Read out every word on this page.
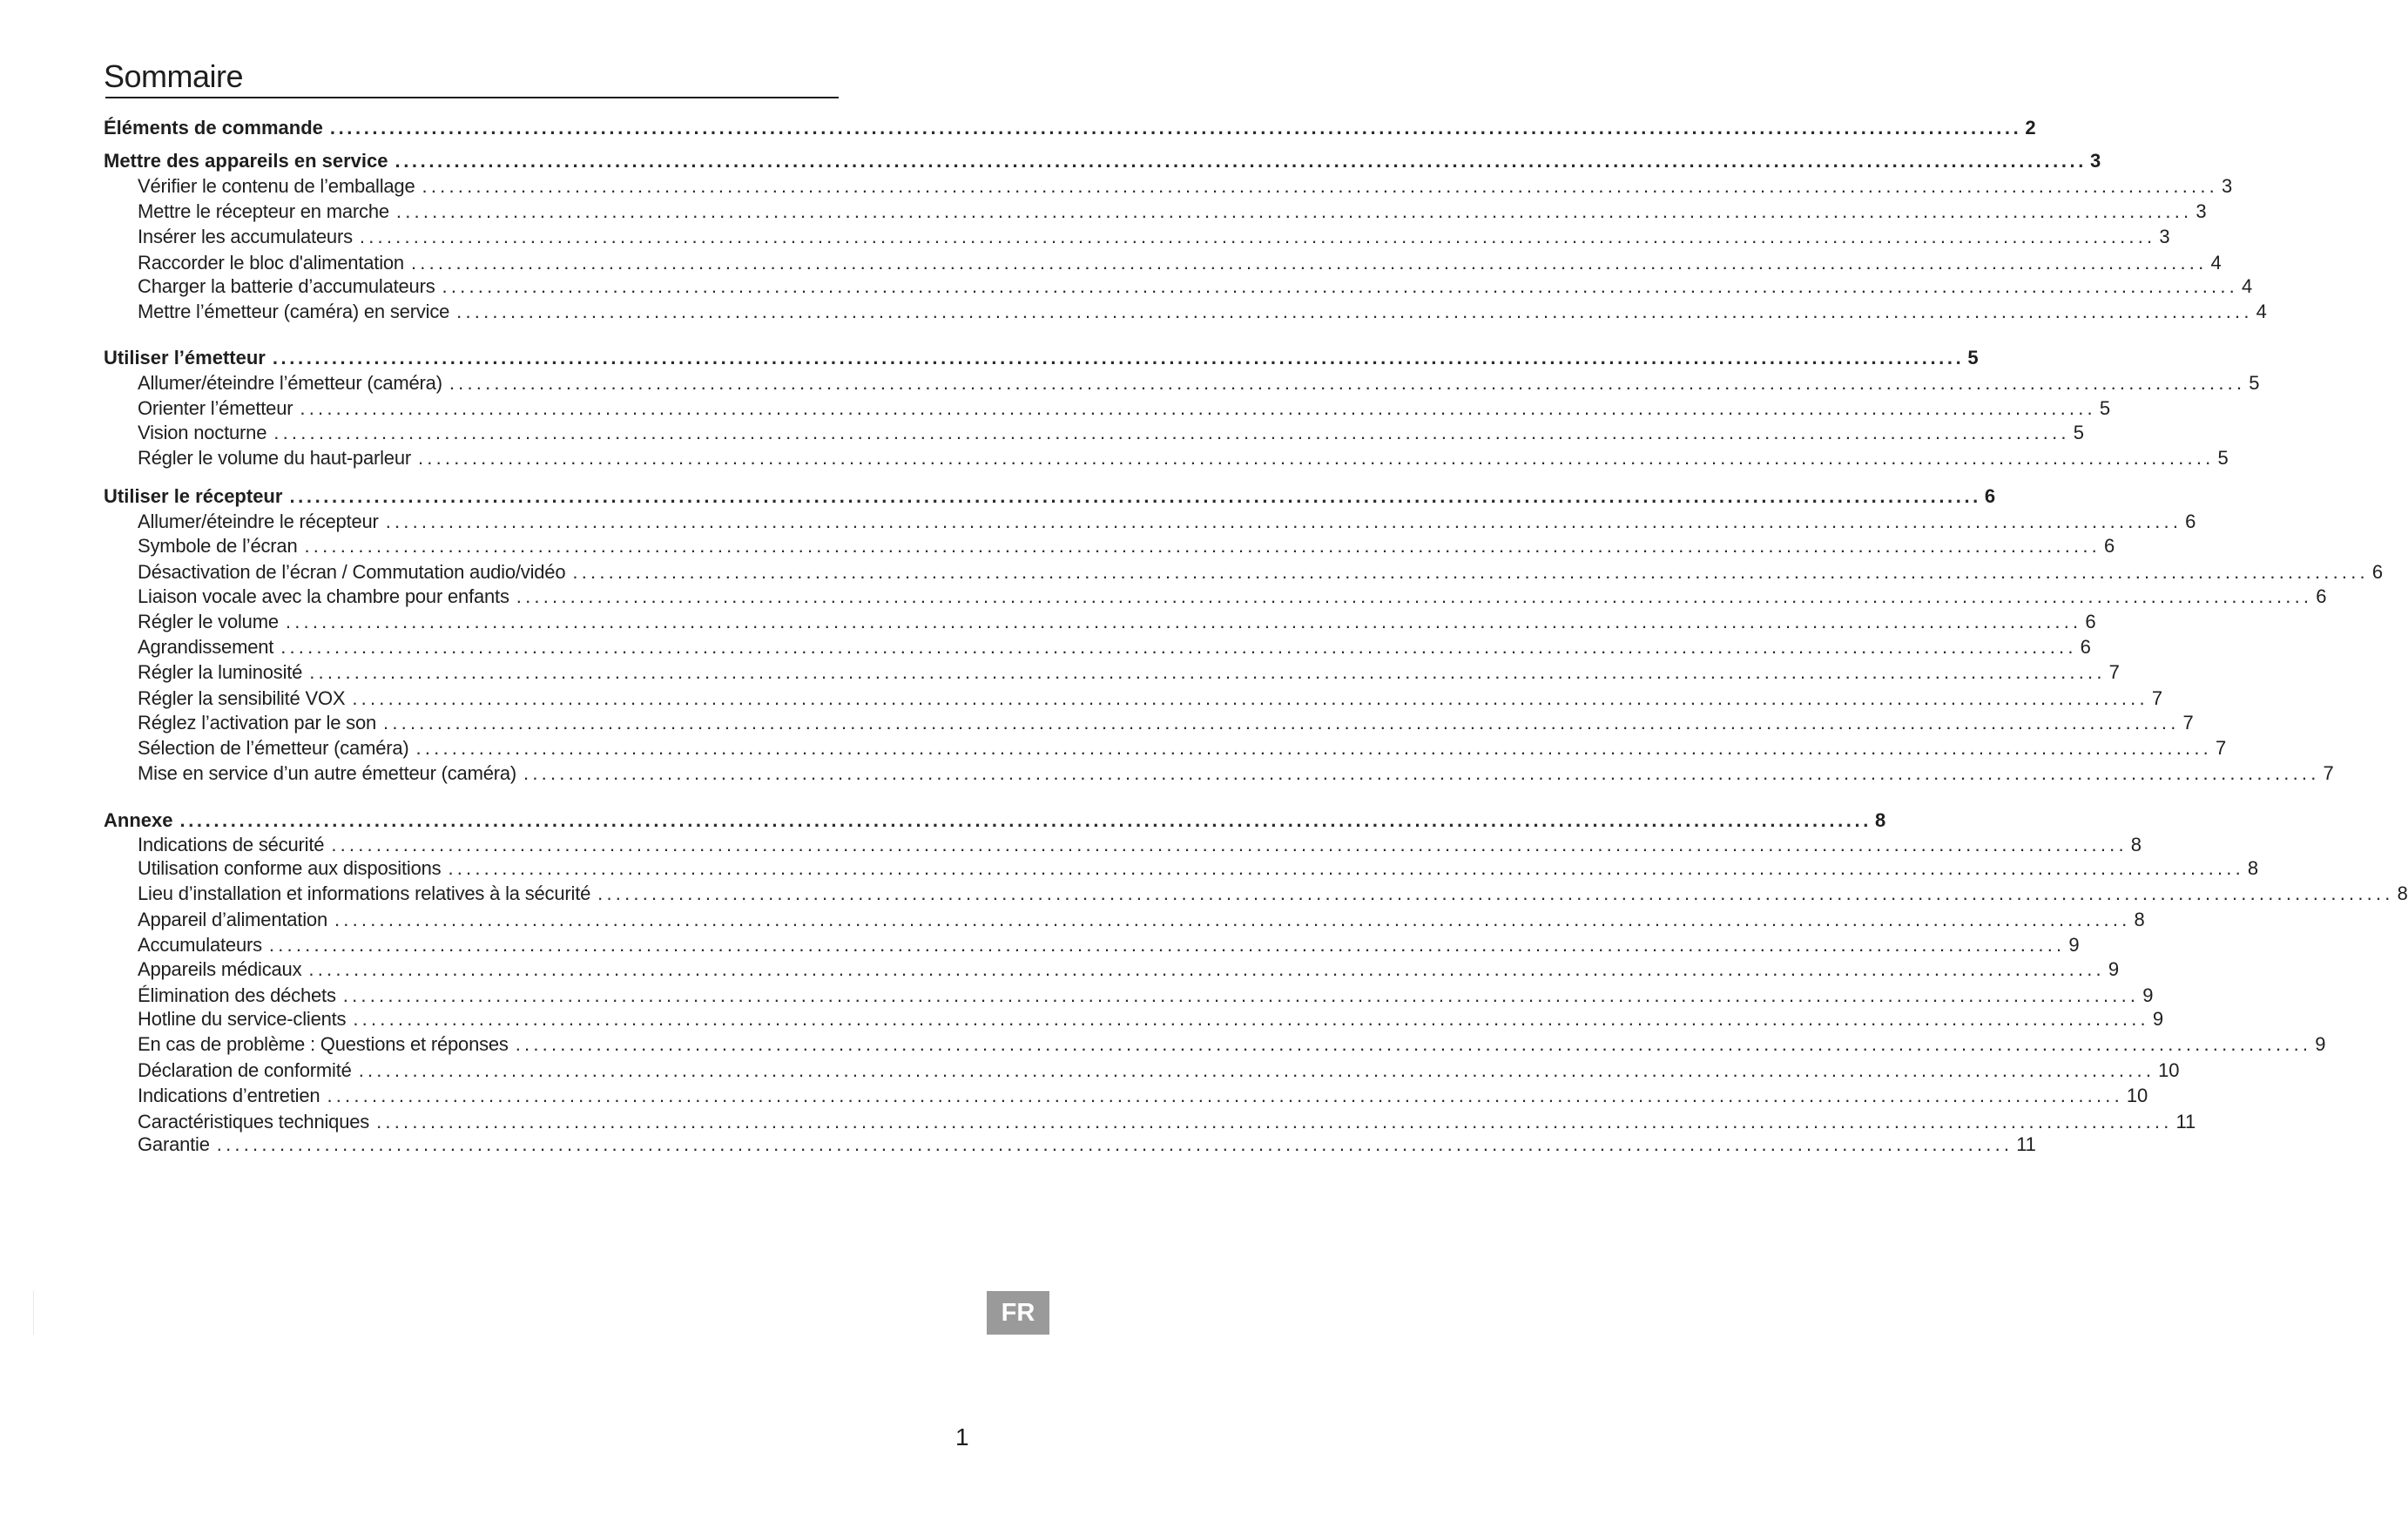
Sommaire
Éléments de commande ........................................................................................................................................................................................................ 2
Mettre des appareils en service ........................................................................................................................................................................................................ 3
Vérifier le contenu de l’emballage ........................................................................................................................................................................................................ 3
Mettre le récepteur en marche ........................................................................................................................................................................................................ 3
Insérer les accumulateurs ........................................................................................................................................................................................................ 3
Raccorder le bloc d'alimentation ........................................................................................................................................................................................................ 4
Charger la batterie d’accumulateurs ........................................................................................................................................................................................................ 4
Mettre l’émetteur (caméra) en service ........................................................................................................................................................................................................ 4
Utiliser l’émetteur ........................................................................................................................................................................................................ 5
Allumer/éteindre l’émetteur (caméra) ........................................................................................................................................................................................................ 5
Orienter l’émetteur ........................................................................................................................................................................................................ 5
Vision nocturne ........................................................................................................................................................................................................ 5
Régler le volume du haut-parleur ........................................................................................................................................................................................................ 5
Utiliser le récepteur ........................................................................................................................................................................................................ 6
Allumer/éteindre le récepteur ........................................................................................................................................................................................................ 6
Symbole de l’écran ........................................................................................................................................................................................................ 6
Désactivation de l’écran / Commutation audio/vidéo ........................................................................................................................................................................................................ 6
Liaison vocale avec la chambre pour enfants ........................................................................................................................................................................................................ 6
Régler le volume ........................................................................................................................................................................................................ 6
Agrandissement ........................................................................................................................................................................................................ 6
Régler la luminosité ........................................................................................................................................................................................................ 7
Régler la sensibilité VOX ........................................................................................................................................................................................................ 7
Réglez l’activation par le son ........................................................................................................................................................................................................ 7
Sélection de l’émetteur (caméra) ........................................................................................................................................................................................................ 7
Mise en service d’un autre émetteur (caméra) ........................................................................................................................................................................................................ 7
Annexe ........................................................................................................................................................................................................ 8
Indications de sécurité ........................................................................................................................................................................................................ 8
Utilisation conforme aux dispositions ........................................................................................................................................................................................................ 8
Lieu d’installation et informations relatives à la sécurité ........................................................................................................................................................................................................ 8
Appareil d’alimentation ........................................................................................................................................................................................................ 8
Accumulateurs ........................................................................................................................................................................................................ 9
Appareils médicaux ........................................................................................................................................................................................................ 9
Élimination des déchets ........................................................................................................................................................................................................ 9
Hotline du service-clients ........................................................................................................................................................................................................ 9
En cas de problème : Questions et réponses ........................................................................................................................................................................................................ 9
Déclaration de conformité ........................................................................................................................................................................................................ 10
Indications d’entretien ........................................................................................................................................................................................................ 10
Caractéristiques techniques ........................................................................................................................................................................................................ 11
Garantie ........................................................................................................................................................................................................ 11
FR
1
